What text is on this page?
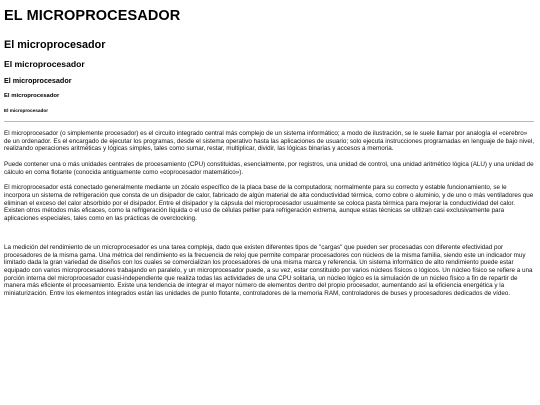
EL MICROPROCESADOR
El microprocesador
El microprocesador
El microprocesador
El microprocesador
El microprocesador

El microprocesador (o simplemente procesador) es el circuito integrado central más complejo de un sistema informático; a modo de ilustración, se le suele llamar por analogía el «cerebro» de un ordenador. Es el encargado de ejecutar los programas, desde el sistema operativo hasta las aplicaciones de usuario; solo ejecuta instrucciones programadas en lenguaje de bajo nivel, realizando operaciones aritméticas y lógicas simples, tales como sumar, restar, multiplicar, dividir, las lógicas binarias y accesos a memoria.

Puede contener una o más unidades centrales de procesamiento (CPU) constituidas, esencialmente, por registros, una unidad de control, una unidad aritmético lógica (ALU) y una unidad de cálculo en coma flotante (conocida antiguamente como «coprocesador matemático»).

El microprocesador está conectado generalmente mediante un zócalo específico de la placa base de la computadora; normalmente para su correcto y estable funcionamiento, se le incorpora un sistema de refrigeración que consta de un disipador de calor, fabricado de algún material de alta conductividad térmica, como cobre o aluminio, y de uno o más ventiladores que eliminan el exceso del calor absorbido por el disipador. Entre el disipador y la cápsula del microprocesador usualmente se coloca pasta térmica para mejorar la conductividad del calor. Existen otros métodos más eficaces, como la refrigeración líquida o el uso de células peltier para refrigeración extrema, aunque estas técnicas se utilizan casi exclusivamente para aplicaciones especiales, tales como en las prácticas de overclocking.

La medición del rendimiento de un microprocesador es una tarea compleja, dado que existen diferentes tipos de "cargas" que pueden ser procesadas con diferente efectividad por procesadores de la misma gama. Una métrica del rendimiento es la frecuencia de reloj que permite comparar procesadores con núcleos de la misma familia, siendo este un indicador muy limitado dada la gran variedad de diseños con los cuales se comercializan los procesadores de una misma marca y referencia. Un sistema informático de alto rendimiento puede estar equipado con varios microprocesadores trabajando en paralelo, y un microprocesador puede, a su vez, estar constituido por varios núcleos físicos o lógicos. Un núcleo físico se refiere a una porción interna del microprocesador cuasi-independiente que realiza todas las actividades de una CPU solitaria, un núcleo lógico es la simulación de un núcleo físico a fin de repartir de manera más eficiente el procesamiento. Existe una tendencia de integrar el mayor número de elementos dentro del propio procesador, aumentando así la eficiencia energética y la miniaturización. Entre los elementos integrados están las unidades de punto flotante, controladores de la memoria RAM, controladores de buses y procesadores dedicados de vídeo.
